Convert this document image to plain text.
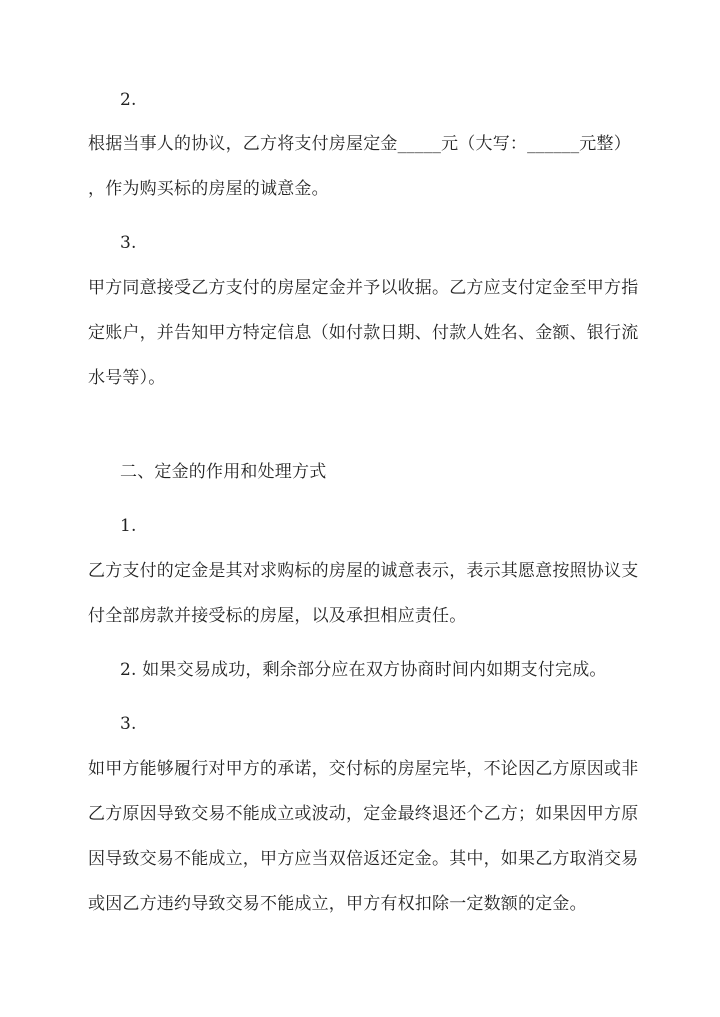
2.
根据当事人的协议，乙方将支付房屋定金_____元（大写：______元整）
，作为购买标的房屋的诚意金。
3.
甲方同意接受乙方支付的房屋定金并予以收据。乙方应支付定金至甲方指
定账户，并告知甲方特定信息（如付款日期、付款人姓名、金额、银行流
水号等）。
二、定金的作用和处理方式
1.
乙方支付的定金是其对求购标的房屋的诚意表示，表示其愿意按照协议支
付全部房款并接受标的房屋，以及承担相应责任。
2. 如果交易成功，剩余部分应在双方协商时间内如期支付完成。
3.
如甲方能够履行对甲方的承诺，交付标的房屋完毕，不论因乙方原因或非
乙方原因导致交易不能成立或波动，定金最终退还个乙方；如果因甲方原
因导致交易不能成立，甲方应当双倍返还定金。其中，如果乙方取消交易
或因乙方违约导致交易不能成立，甲方有权扣除一定数额的定金。
